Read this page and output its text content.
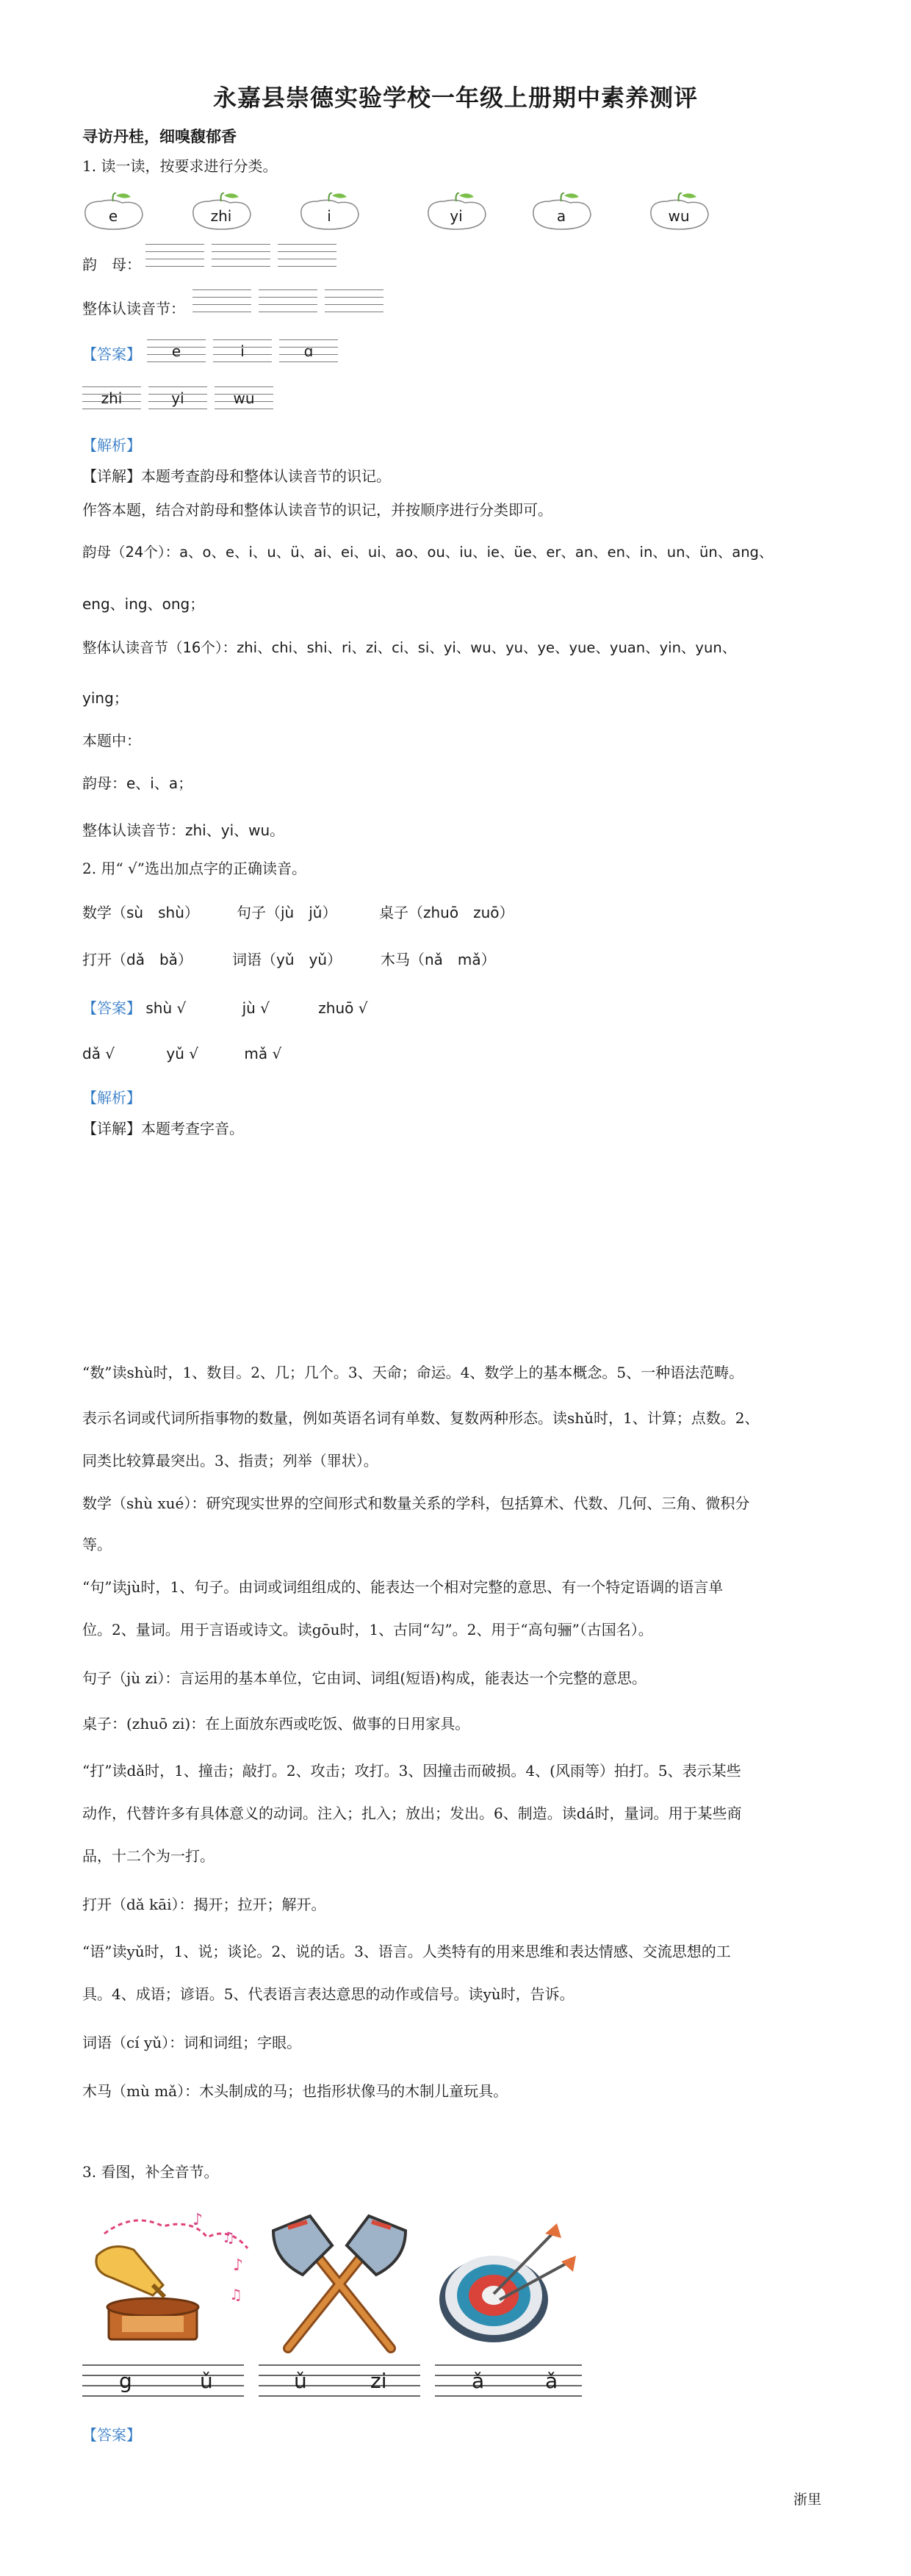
永嘉县崇德实验学校一年级上册期中素养测评
寻访丹桂，细嗅馥郁香
1. 读一读，按要求进行分类。
e	zhi	i	yi	a	wu
韵　母：
整体认读音节：
【答案】	e	i	ɑ
zhi	yi	wu
【解析】
【详解】本题考查韵母和整体认读音节的识记。
作答本题，结合对韵母和整体认读音节的识记，并按顺序进行分类即可。
韵母（24个）：a、o、e、i、u、ü、ai、ei、ui、ao、ou、iu、ie、üe、er、an、en、in、un、ün、ang、
eng、ing、ong；
整体认读音节（16个）：zhi、chi、shi、ri、zi、ci、si、yi、wu、yu、ye、yue、yuan、yin、yun、
ying；
本题中：
韵母：e、i、a；
整体认读音节：zhi、yi、wu。
2. 用“ √”选出加点字的正确读音。
数学（sù　shù）	句子（jù　jǔ）	桌子（zhuō　zuō）
打开（dǎ　bǎ）	词语（yǔ　yǔ）	木马（nǎ　mǎ）
【答案】 shù √	jù √	zhuō √
dǎ √	yǔ √	mǎ √
【解析】
【详解】本题考查字音。
“数”读shù时，1、数目。2、几；几个。3、天命；命运。4、数学上的基本概念。5、一种语法范畴。
表示名词或代词所指事物的数量，例如英语名词有单数、复数两种形态。读shǔ时，1、计算；点数。2、
同类比较算最突出。3、指责；列举（罪状）。
数学（shù xué）：研究现实世界的空间形式和数量关系的学科，包括算术、代数、几何、三角、微积分
等。
“句”读jù时，1、句子。由词或词组组成的、能表达一个相对完整的意思、有一个特定语调的语言单
位。2、量词。用于言语或诗文。读gōu时，1、古同“勾”。2、用于“高句骊”（古国名）。
句子（jù zi）：言运用的基本单位，它由词、词组(短语)构成，能表达一个完整的意思。
桌子：(zhuō zi)：在上面放东西或吃饭、做事的日用家具。
“打”读dǎ时，1、撞击；敲打。2、攻击；攻打。3、因撞击而破损。4、(风雨等）拍打。5、表示某些
动作，代替许多有具体意义的动词。注入；扎入；放出；发出。6、制造。读dá时，量词。用于某些商
品，十二个为一打。
打开（dǎ kāi）：揭开；拉开；解开。
“语”读yǔ时，1、说；谈论。2、说的话。3、语言。人类特有的用来思维和表达情感、交流思想的工
具。4、成语；谚语。5、代表语言表达意思的动作或信号。读yù时，告诉。
词语（cí yǔ）：词和词组；字眼。
木马（mù mǎ）：木头制成的马；也指形状像马的木制儿童玩具。
3. 看图，补全音节。
♪
♫
♪
♫
g	ǔ	ǔ	zi	ǎ	ǎ
【答案】
浙里
